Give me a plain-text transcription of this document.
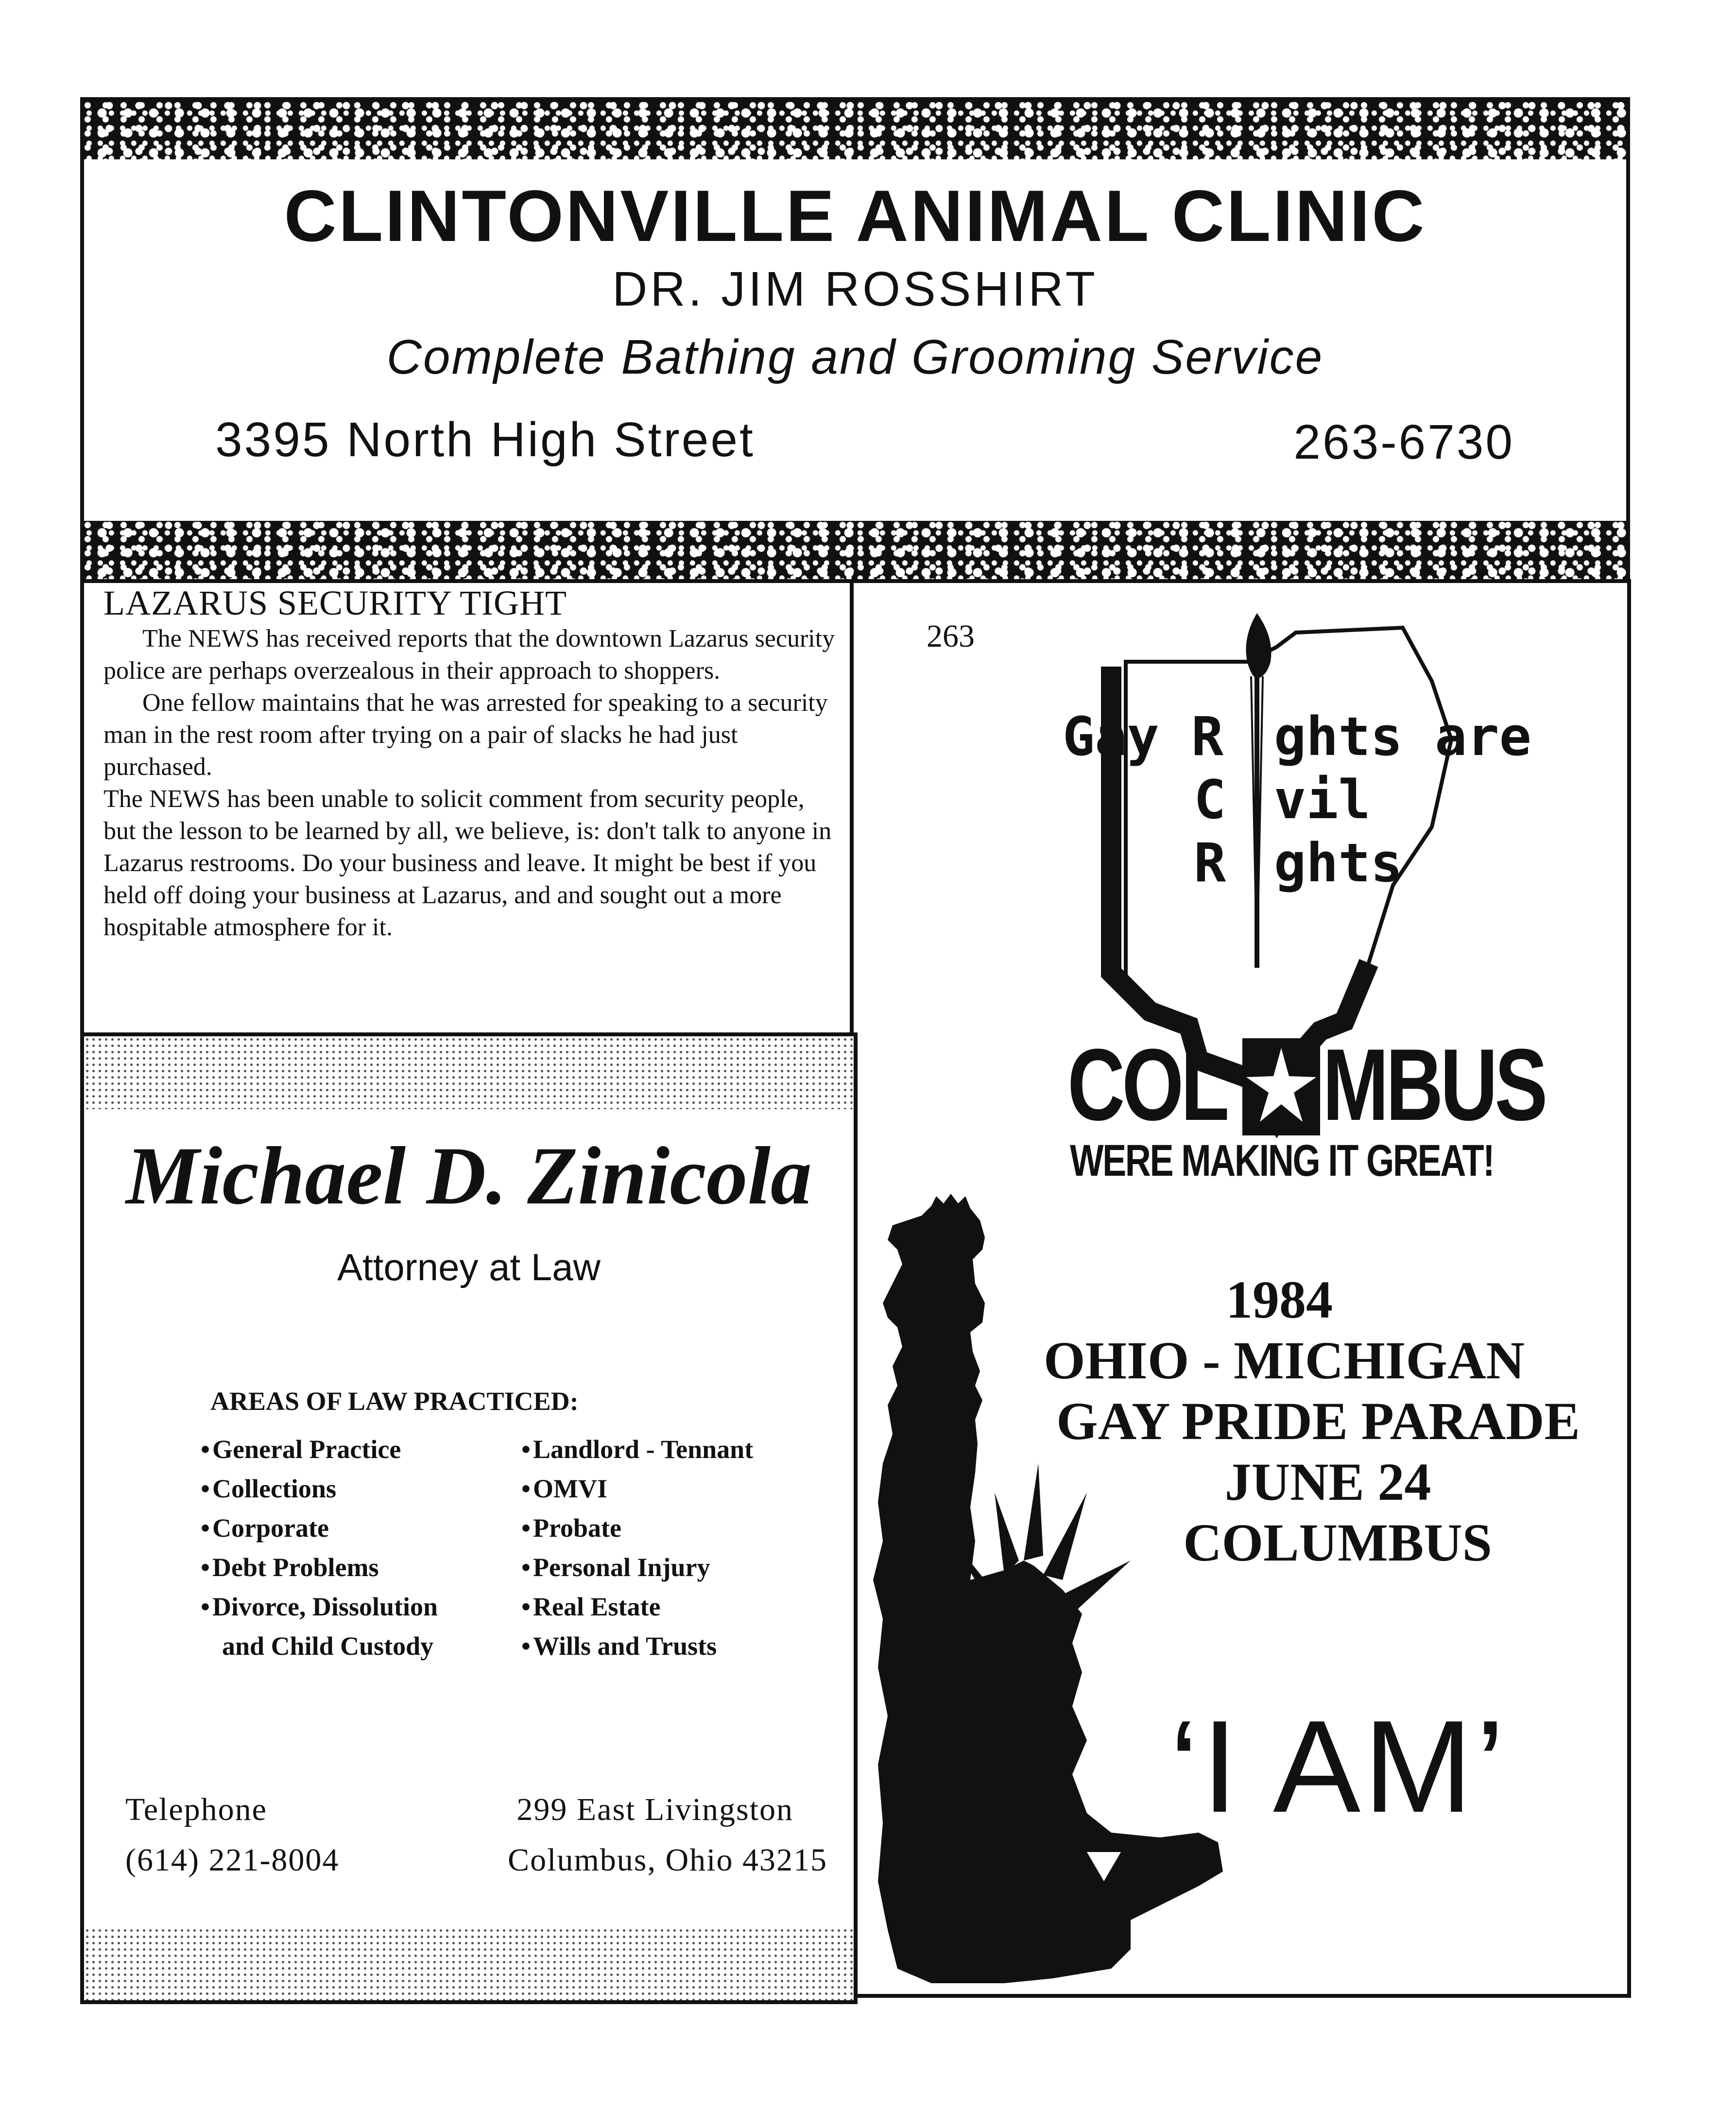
CLINTONVILLE ANIMAL CLINIC
DR. JIM ROSSHIRT
Complete Bathing and Grooming Service
3395 North High Street	263-6730
LAZARUS SECURITY TIGHT

The NEWS has received reports that the downtown Lazarus security police are perhaps overzealous in their approach to shoppers.

One fellow maintains that he was arrested for speaking to a security man in the rest room after trying on a pair of slacks he had just purchased.

The NEWS has been unable to solicit comment from security people, but the lesson to be learned by all, we believe, is: don't talk to anyone in Lazarus restrooms. Do your business and leave. It might be best if you held off doing your business at Lazarus, and and sought out a more hospitable atmosphere for it.

Michael D. Zinicola
Attorney at Law
AREAS OF LAW PRACTICED:
•General Practice
•Collections
•Corporate
•Debt Problems
•Divorce, Dissolution
and Child Custody
•Landlord - Tennant
•OMVI
•Probate
•Personal Injury
•Real Estate
•Wills and Trusts
Telephone
(614) 221-8004
299 East Livingston
Columbus, Ohio 43215
263
Gay R ghts are
C vil
R ghts
COL MBUS
WERE MAKING IT GREAT!
1984
OHIO - MICHIGAN
GAY PRIDE PARADE
JUNE 24
COLUMBUS
‘I AM’
